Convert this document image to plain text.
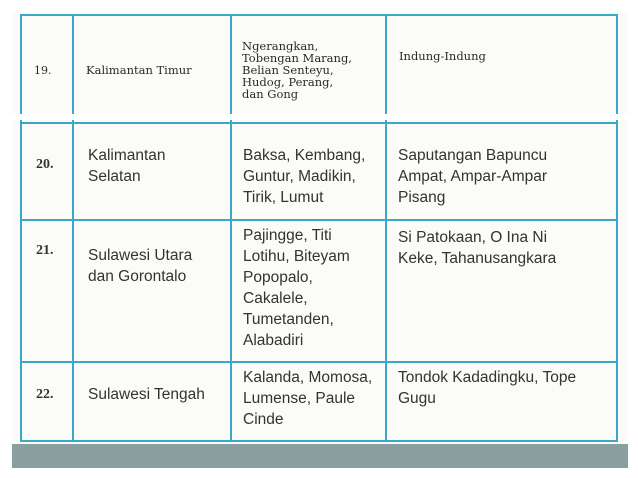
19.	Kalimantan Timur
Ngerangkan,
Tobengan Marang,
Belian Senteyu,
Hudog, Perang,
dan Gong
Indung-Indung
20.
Kalimantan
Selatan
Baksa, Kembang,
Guntur, Madikin,
Tirik, Lumut
Saputangan Bapuncu
Ampat, Ampar-Ampar
Pisang
21. Sulawesi Utara
dan Gorontalo
Pajingge, Titi
Lotihu, Biteyam
Popopalo,
Cakalele,
Tumetanden,
Alabadiri
Si Patokaan, O Ina Ni
Keke, Tahanusangkara
22. Sulawesi Tengah
Kalanda, Momosa,
Lumense, Paule
Cinde
Tondok Kadadingku, Tope
Gugu
